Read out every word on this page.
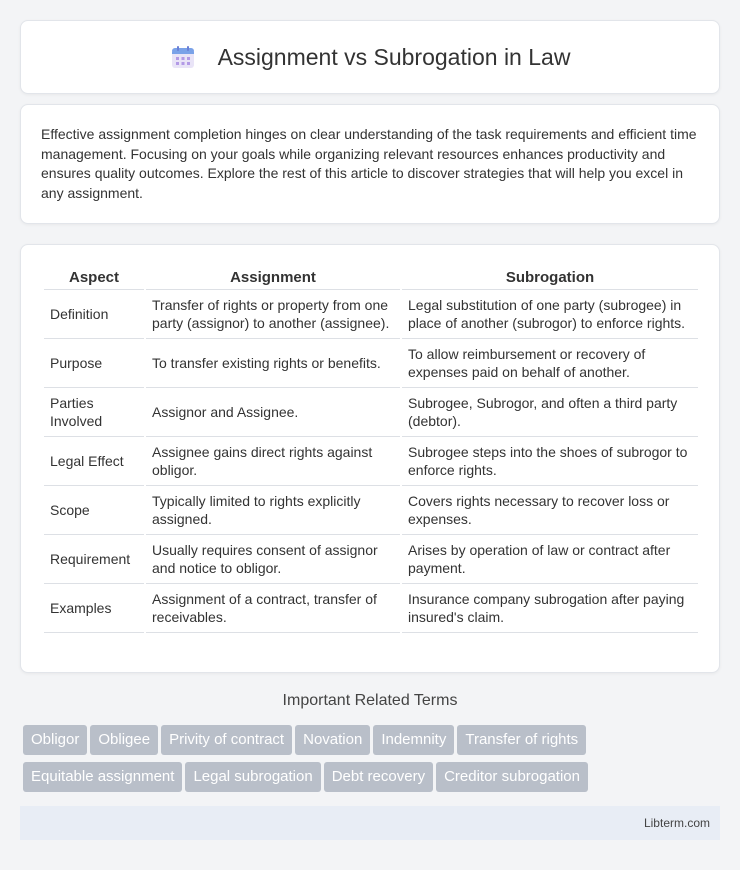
Assignment vs Subrogation in Law

Effective assignment completion hinges on clear understanding of the task requirements and efficient time management. Focusing on your goals while organizing relevant resources enhances productivity and ensures quality outcomes. Explore the rest of this article to discover strategies that will help you excel in any assignment.

Aspect	Assignment	Subrogation
Definition	Transfer of rights or property from one party (assignor) to another (assignee).	Legal substitution of one party (subrogee) in place of another (subrogor) to enforce rights.
Purpose	To transfer existing rights or benefits.	To allow reimbursement or recovery of expenses paid on behalf of another.
Parties Involved	Assignor and Assignee.	Subrogee, Subrogor, and often a third party (debtor).
Legal Effect	Assignee gains direct rights against obligor.	Subrogee steps into the shoes of subrogor to enforce rights.
Scope	Typically limited to rights explicitly assigned.	Covers rights necessary to recover loss or expenses.
Requirement	Usually requires consent of assignor and notice to obligor.	Arises by operation of law or contract after payment.
Examples	Assignment of a contract, transfer of receivables.	Insurance company subrogation after paying insured's claim.
Important Related Terms
Obligor Obligee Privity of contract Novation Indemnity Transfer of rights
Equitable assignment Legal subrogation Debt recovery Creditor subrogation
Libterm.com
